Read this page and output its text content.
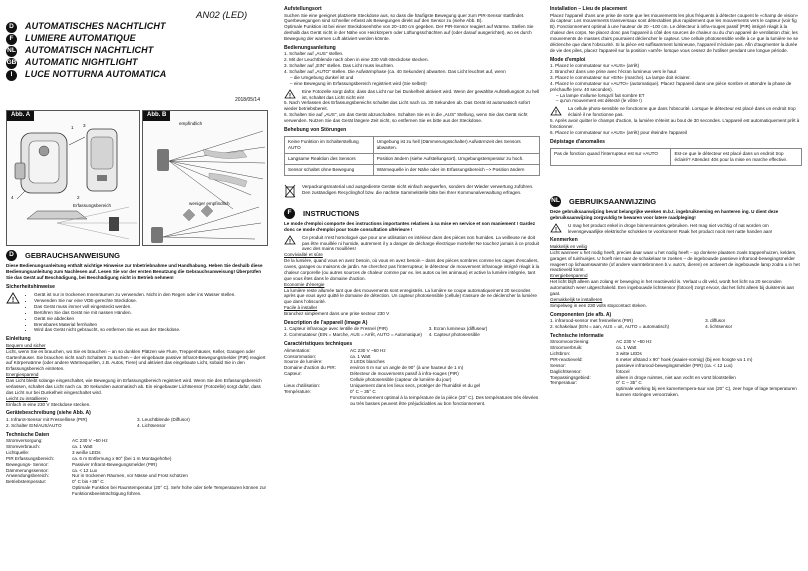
AN02 (LED)
D	AUTOMATISCHES NACHTLICHT
F	LUMIERE AUTOMATIQUE
NL AUTOMATISCH NACHTLICHT
GB AUTOMATIC NIGHTLIGHT
I	LUCE NOTTURNA AUTOMATICA
2018/05/14
Abb. A
3
1
4	2
Erfassungsbereich
Abb. B
empfindlich
weniger empfindlich
D	GEBRAUCHSANWEISUNG
Diese Bedienungsanleitung enthält wichtige Hinweise zur Inbetriebnahme und Handhabung. Heben Sie deshalb diese Bedienungsanleitung zum Nachlesen auf. Lesen Sie vor der ersten Benutzung die Gebrauchsanweisung! Überprüfen Sie das Gerät auf Beschädigung, bei Beschädigung nicht in Betrieb nehmen!
Sicherheitshinweise
!
• Gerät ist nur in trockenen Innenräumen zu verwenden. Nicht in den Regen oder ins Wasser stellen.
• Verwenden Sie nur eine VDE-gerechte Steckdose.
• Das Gerät muss immer voll eingesteckt werden.
• Berühren Sie das Gerät nie mit nassen Händen.
• Gerät nie abdecken
• Brennbares Material fernhalten
• Wird das Gerät nicht gebraucht, so entfernen Sie es aus der Steckdose.
Einleitung
Bequem und sicher
Licht, wenn Sie es brauchen, wo Sie es brauchen – an so dunklen Plätzen wie Flure, Treppenhäuser, Keller, Garagen oder Gartenhäuser. Sie brauchen nicht nach Schaltern zu suchen – der eingebaute passive Infrarot-Bewegungsmelder (PIR) reagiert auf Körperwärme (oder andere Wärmequellen, z.B. Autos, Tiere) und aktiviert das eingebaute Licht, sobald Sie in den Erfassungsbereich eintreten.
Energiesparend
Das Licht bleibt solange eingeschaltet, wie Bewegung im Erfassungsbereich registriert wird. Wenn Sie den Erfassungsbereich verlassen, schaltet das Licht nach ca. 30 Sekunden automatisch ab. Ein eingebauter Lichtsensor (Fotozelle) sorgt dafür, dass das Licht nur bei Dunkelheit eingeschaltet wird.
Leicht zu installieren
Einfach in eine 230 V Steckdose stecken.
Gerätebeschreibung (siehe Abb. A)
1. Infrarot-Sensor mit Fresnellinse (PIR)	3. Leuchtblende (Diffusor)
2. Schalter EIN/AUS/AUTO	4. Lichtsensor
Technische Daten
Stromversorgung:	AC 230 V ~50 Hz
Stromverbrauch:	ca. 1 Watt
Lichtquelle:	3 weiße LEDs
PIR Erfassungsbereich:	ca. 6 m Entfernung x 90° (bei 1 m Montagehöhe)
Bewegungs- Sensor:	Passiver Infrarot-Bewegungsmelder (PIR)
Dämmerungssensor:	ca. < 12 Lux
Anwendungsbereich:	Nur in trockenen Räumen, vor Nässe und Frost schützen
Betriebstemperatur:	0° C bis +35° C
Optimale Funktion bei Raumtemperatur (20° C). Sehr hohe oder tiefe Temperaturen können zur Funktionsbeeinträchtigung führen.
Aufstellungsort
Suchen Sie eine geeignet platzierte Steckdose aus, so dass die häufigste Bewegung quer zum PIR-Sensor stattfindet. Querbewegungen sind schneller erfasst als Bewegungen direkt auf den Sensor zu (siehe Abb. B).
Optimale Funktion ist bei einer Steckdosenhöhe von 20–100 cm gegeben. Der PIR-Sensor reagiert auf Wärme. Stellen Sie deshalb das Gerät nicht in der Nähe von Heizkörpern oder Lüftungsschächten auf (oder darauf ausgerichtet), wo es durch Bewegung der warmen Luft aktiviert werden könnte.
Bedienungsanleitung
1. Schalter auf „AUS" stellen.
2. Mit der Leuchtblende nach oben in eine 230 Volt-Steckdose stecken.
3. Schalter auf „EIN" stellen. Das Licht muss leuchten.
4. Schalter auf „AUTO" stellen. Die Aufwärmphase (ca. 40 Sekunden) abwarten. Das Licht leuchtet auf, wenn
– die Umgebung dunkel ist und
– eine Bewegung im Erfassungsbereich registriert wird (Sie selbst)!
!
Eine Fotozelle sorgt dafür, dass das Licht nur bei Dunkelheit aktiviert wird. Wenn der gewählte Aufstellungsort zu hell ist, schaltet das Licht nicht ein!
5. Nach Verlassen des Erfassungsbereichs schaltet das Licht nach ca. 30 Sekunden ab. Das Gerät ist automatisch sofort wieder betriebsbereit.
6. Schalten Sie auf „AUS", um das Gerät abzuschalten. Schalten Sie es in die „AUS" Stellung, wenn Sie das Gerät nicht verwenden. Nutzen Sie das Gerät längere Zeit nicht, so entfernen Sie es bitte aus der Steckdose.
Behebung von Störungen
Keine Funktion im Schalterstellung AUTO	Umgebung ist zu hell (Dämmerungsschalter) Aufwärmzeit des Sensors abwarten.
Langsame Reaktion des Sensors	Position ändern (siehe Aufstellungsort). Umgebungstemperatur zu hoch.
Sensor schaltet ohne Bewegung	Wärmequelle in der Nähe oder im Erfassungsbereich –> Position ändern
Verpackungsmaterial und ausgediente Geräte nicht einfach wegwerfen, sondern der Wieder verwertung zuführen. Den zuständigen Recyclinghof bzw. die nächste Sammelstelle bitte bei Ihrer Kommunalverwaltung erfragen.
F	INSTRUCTIONS
Le mode d'emploi comporte des instructions importantes relatives à sa mise en service et son maniement ! Gardez donc ce mode d'emploi pour toute consultation ultérieure !
!
Ce produit n'est homologué que pour une utilisation en intérieur dans des pièces non humides. La veilleuse ne doit pas être mouillée ni humide, autrement il y a danger de décharge électrique mortelle! Ne touchez jamais à ce produit avec des mains mouillées!
Convivialité et sûre
De la lumière, quand vous en avez besoin, où vous en avez besoin – dans des pièces sombres comme les cages d'escaliers, caves, garages ou maisons de jardin. Ne cherchez pas l'interrupteur, le détecteur de mouvement infrarouge intégré réagit à la chaleur corporelle (ou autres sources de chaleur comme par ex. les autos ou les animaux) et active la lumière intégrée, tant que vous êtes dans le domaine d'action.
Economie d'énergie
La lumière reste allumée tant que des mouvements sont enregistrés. La lumière se coupe automatiquement 20 secondes après que vous ayez quitté le domaine de détection. Un capteur photosensible (cellule) s'assure de ne déclencher la lumière que dans l'obscurité.
Facile à installer
Branchez simplement dans une prise secteur 230 V
Description de l'appareil (image A)
1. Capteur infrarouge avec lentille de Fresnel (PIR)	3. Ecran lumineux (diffuseur)
2. Commutateur (EIN = Marche, AUS = Arrêt, AUTO = Automatique)	4. Capteur photosensible
Caractéristiques techniques
Alimentation:	AC 230 V ~50 Hz
Consommation:	ca. 1 Watt
Source de lumière:	3 LEDs blanches
Domaine d'action du PIR:	environ 6 m sur un angle de 90° (à une hauteur de 1 m)
Capteur:	Détecteur de mouvements passif à infra-rouges (PIR)
Cellule photosensible (capteur de lumière du jour)
Lieux d'utilisation:	Uniquement dans les lieux secs, protéger de l'humidité et du gel
Température:	0° C – 35° C
Fonctionnement optimal à la température de la pièce (20° C). Des températures très élevées ou très basses peuvent être préjudiciables au bon fonctionnement.
Installation – Lieu de placement
Placez l'appareil d'ans une prise de sorte que les mouvements les plus fréquents à détecter coupent le «champ de vision» du capteur. Les mouvements transversaux sont détectables plus rapidement que les mouvements vers le capteur (voir fig B). Fonctionnement optimal à une hauteur de 20 –100 cm. Le détecteur à infra-rouges passif (PIR) intégré réagit à la chaleur des corps. Ne placez donc pas l'appareil à côté des sources de chaleur ou du d'un appareil de ventilation d'air, les mouvements de masses d'airs pourraient déclencher le capteur. Une cellule photosensible veille à ce que la lumière ne se déclenche que dans l'obscurité. Si la pièce est suffisamment lumineuse, l'appareil n'éclaire pas. Afin d'augmenter la durée de vie des piles, placez l'appareil sur la position «arrêt» lorsque vous cessez de l'utiliser pendant une longue période.
Mode d'emploi
1. Placez le commutateur sur «AUS» (arrêt)
2. Branchez dans une prise avec l'écran lumineux vers le haut
3. Placez le commutateur sur «EIN» (marche). La lampe doit éclairer.
4. Placez le commutateur sur «AUTO» (automatique). Placez l'appareil dans une pièce sombre et attendre la phase de préchauffe (env. 40 secondes).
– La lampe s'allume lorsqu'il fait sombre ET
– qu'un mouvement est détecté (le vôtre !)
!
La cellule photo-sensible ne fonctionne que dans l'obscurité. Lorsque le détecteur est placé dans un endroit trop éclairé il ne fonctionne pas.
5. Après avoir quitter le champs d'action, la lumière s'éteint au bout de 30 secondes. L'appareil est automatiquement prêt à fonctionner.
6. Placez le commutateur sur «AUS» (arrêt) pour éteindre l'appareil
Dépistage d'anomalies
Pas de fonction quand l'interrupteur est sur «AUTO	Est-ce que le détecteur est placé dans un endroit trop éclairé? Attendez 40s pour la mise en marche effective.
NL GEBRUIKSAANWIJZING
Deze gebruiksaanwijzing bevat belangrijke wenken m.b.t. ingebruikneming en hanteren ing. U dient deze gebruiksaanwijzing zorgvuldig te bewaren voor latere raadpleging!
!
U mag het product enkel in droge binnenruimtes gebruiken. Het mag niet vochtig of nat worden om levensgevaarlijke elektrische schokken te voorkomen! Raak het product nooit met natte handen aan!
Kenmerken
Makkelijk en veilig
Licht wanneer u het nodig heeft, precies daar waar u het nodig heeft – op donkere plaatsen zoals trappenhuizen, kelders, garages of tuinhuisjes. U hoeft niet naar de schakelaar te zoeken – de ingebouwde passieve infrarood-bewegingsmelder reageert op lichaamswarmte (of andere warmtebronnen b.v. auto's, dieren) en activeert de ingebouwde lamp zodra u in het reactieveld komt.
Energiebesparend
Het licht blijft alleen aan zolang er beweging in het reactieveld is. Verlaat u dit veld, wordt het licht na 20 seconden automatisch weer uitgeschakeld. Een ingebouwde lichtsensor (fotocel) zorgt ervoor, dat het licht alleen bij duisternis aan gaat.
Gemakkelijk te installeren
Simpelweg in een 230 volts stopcontact steken.
Componenten (zie afb. A)
1. infrarood-sensor met fresnellens (PIR)	3. diffusor
2. schakelaar (EIN = aan, AUS = uit, AUTO = automatisch)	4. lichtsensor
Technische informatie
Stroomvoorziening:	AC 230 V ~50 Hz
Stroomverbruik:	ca. 1 Watt
Lichtbron:	3 witte LEDs
PIR-reactieveld:	6 meter afstand x 90° hoek (waaier-vormig) (bij een hoogte va 1 m)
Sensor:	passieve infrarood-bewegingsmelder (PIR) (ca. < 12 Lux)
Daglichtsensor:	fotocel
Toepassingsgebied:	alleen in droge ruimtes, niet aan vocht en vorst blootstellen
Temperatuur:	0° C – 35° C
optimale werking bij een kamertempera-tuur van (20° C), zeer hoge of lage temperaturen kunnen storingen veroorzaken.
